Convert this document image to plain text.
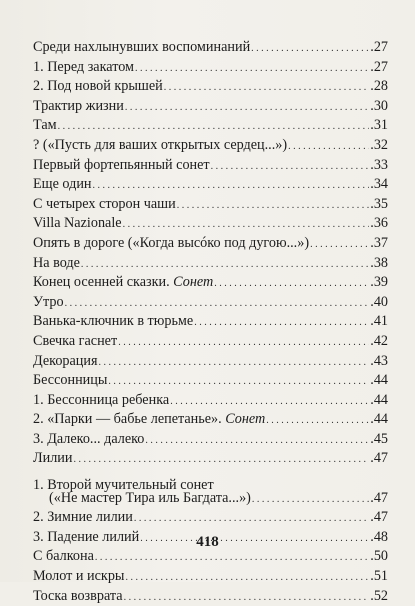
Среди нахлынувших воспоминаний . . .	.27
1. Перед закатом . . .	.27
2. Под новой крышей . . .	.28
Трактир жизни . . .	.30
Там . . .	.31
? («Пусть для ваших открытых сердец...») . . .	.32
Первый фортепьянный сонет . . .	.33
Еще один . . .	.34
С четырех сторон чаши . . .	.35
Villa Nazionale . . .	.36
Опять в дороге («Когда высóко под дугою...») . . .	.37
На воде . . .	.38
Конец осенней сказки. Сонет . . .	.39
Утро . . .	.40
Ванька-ключник в тюрьме . . .	.41
Свечка гаснет . . .	.42
Декорация . . .	.43
Бессонницы . . .	.44
1. Бессонница ребенка . . .	.44
2. «Парки — бабье лепетанье». Сонет . . .	.44
3. Далеко... далеко . . .	.45
Лилии . . .	.47
1. Второй мучительный сонет
(«Не мастер Тира иль Багдата...») . . .	.47
2. Зимние лилии . . .	.47
3. Падение лилий . . .	.48
С балкона . . .	.50
Молот и искры . . .	.51
Тоска возврата . . .	.52
418
